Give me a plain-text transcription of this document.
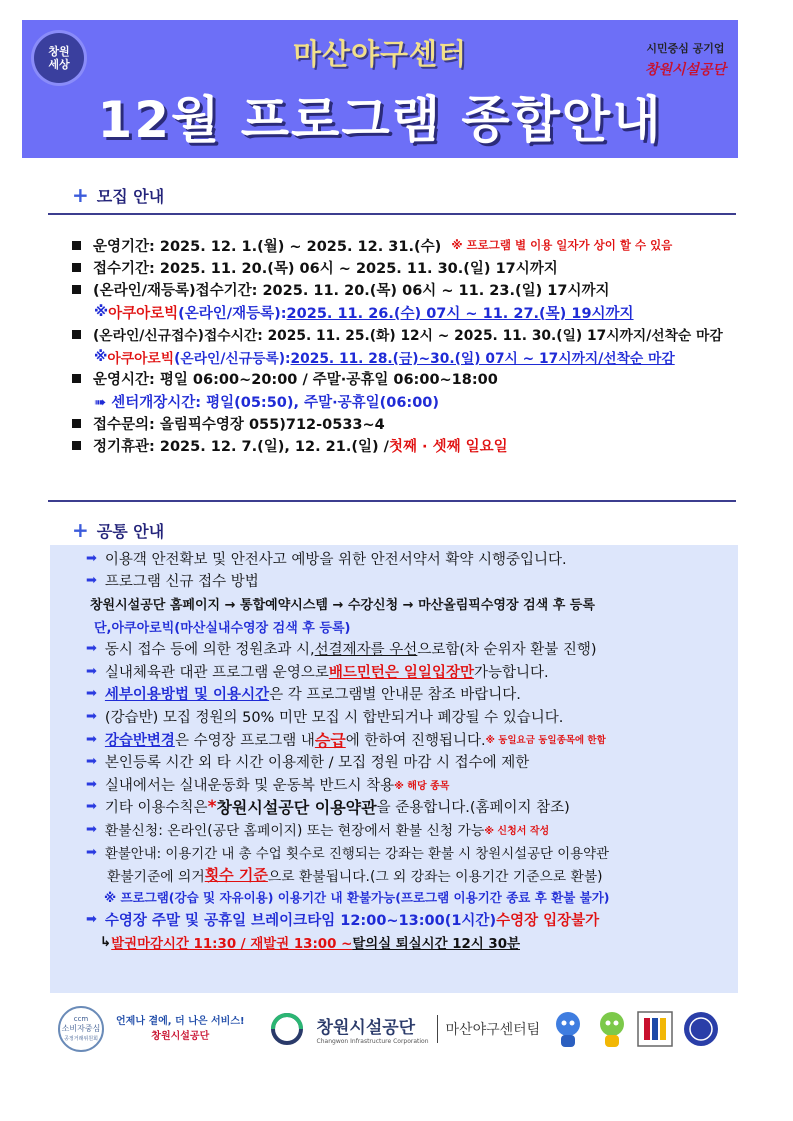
창원
세상	마산야구센터
12월 프로그램 종합안내
시민중심 공기업
창원시설공단
+ 모집 안내
운영기간: 2025. 12. 1.(월) ~ 2025. 12. 31.(수)
※ 프로그램 별 이용 일자가 상이 할 수 있음
접수기간: 2025. 11. 20.(목) 06시 ~ 2025. 11. 30.(일) 17시까지
(온라인/재등록)접수기간: 2025. 11. 20.(목) 06시 ~ 11. 23.(일) 17시까지
※ 아쿠아로빅 (온라인/재등록): 2025. 11. 26.(수) 07시 ~ 11. 27.(목) 19시까지
(온라인/신규접수)접수시간: 2025. 11. 25.(화) 12시 ~ 2025. 11. 30.(일) 17시까지/선착순 마감
※ 아쿠아로빅 (온라인/신규등록): 2025. 11. 28.(금)~30.(일) 07시 ~ 17시까지/선착순 마감
운영시간: 평일 06:00~20:00 / 주말·공휴일 06:00~18:00
➠ 센터개장시간: 평일(05:50), 주말·공휴일(06:00)
접수문의: 올림픽수영장 055)712-0533~4
정기휴관: 2025. 12. 7.(일), 12. 21.(일) / 첫째 · 셋째 일요일
+ 공통 안내
➡ 이용객 안전확보 및 안전사고 예방을 위한 안전서약서 확약 시행중입니다.
➡ 프로그램 신규 접수 방법
창원시설공단 홈페이지 → 통합예약시스템 → 수강신청 → 마산올림픽수영장 검색 후 등록
단, 아쿠아로빅(마산실내수영장 검색 후 등록)
➡ 동시 접수 등에 의한 정원초과 시, 선결제자를 우선 으로함(차 순위자 환불 진행)
➡ 실내체육관 대관 프로그램 운영으로 배드민턴은 일일입장만 가능합니다.
➡ 세부이용방법 및 이용시간 은 각 프로그램별 안내문 참조 바랍니다.
➡ (강습반) 모집 정원의 50% 미만 모집 시 합반되거나 폐강될 수 있습니다.
➡ 강습반변경 은 수영장 프로그램 내 승급 에 한하여 진행됩니다. ※ 동일요금 동일종목에 한함
➡ 본인등록 시간 외 타 시간 이용제한 / 모집 정원 마감 시 접수에 제한
➡ 실내에서는 실내운동화 및 운동복 반드시 착용 ※ 해당 종목
➡ 기타 이용수칙은 * 창원시설공단 이용약관 을 준용합니다.(홈페이지 참조)
➡ 환불신청: 온라인(공단 홈페이지) 또는 현장에서 환불 신청 가능 ※ 신청서 작성
➡ 환불안내: 이용기간 내 총 수업 횟수로 진행되는 강좌는 환불 시 창원시설공단 이용약관
환불기준에 의거 횟수 기준 으로 환불됩니다.(그 외 강좌는 이용기간 기준으로 환불)
※ 프로그램(강습 및 자유이용) 이용기간 내 환불가능(프로그램 이용기간 종료 후 환불 불가)
➡ 수영장 주말 및 공휴일 브레이크타임 12:00~13:00(1시간) 수영장 입장불가
↳ 발권마감시간 11:30 / 재발권 13:00 ~ 탈의실 퇴실시간 12시 30분
ccm
소비자중심
공정거래위원회
언제나 곁에, 더 나은 서비스!
창원시설공단	창원시설공단
Changwon Infrastructure Corporation
마산야구센터팀
